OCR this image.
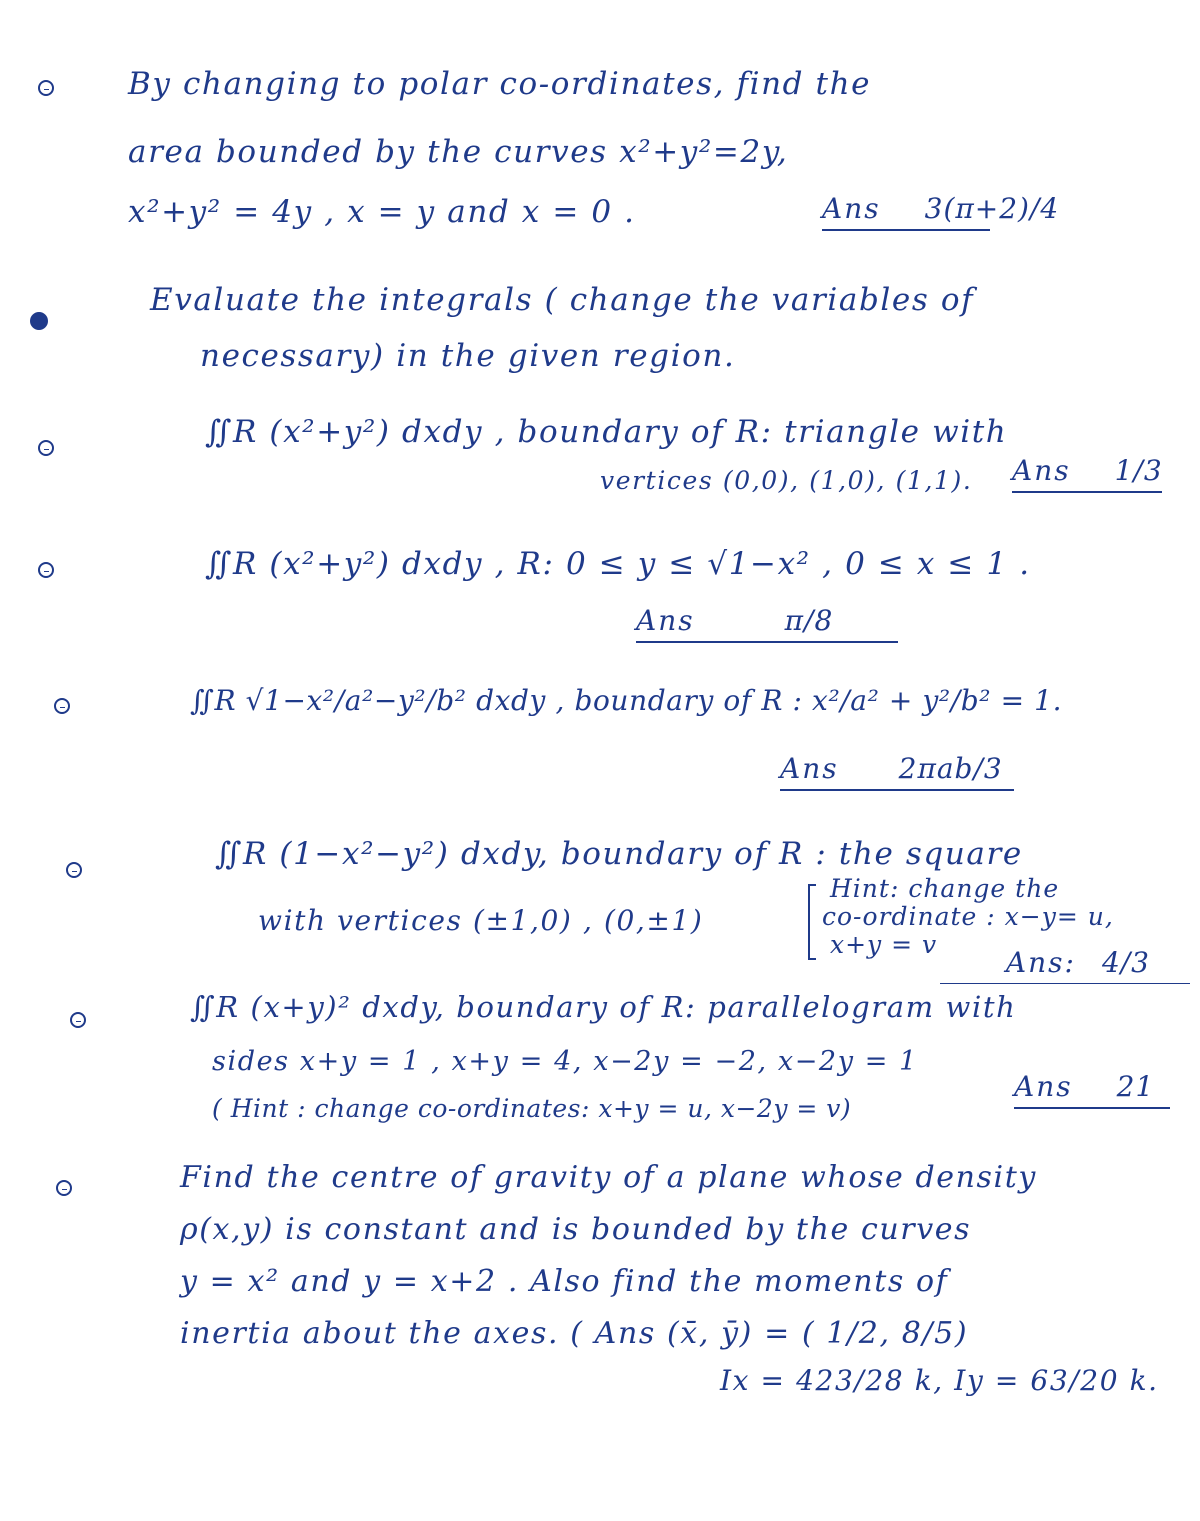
By changing to polar co-ordinates, find the
area bounded by the curves x²+y²=2y,
x²+y² = 4y , x = y and x = 0 .	Ans 3(π+2)/4
Evaluate the integrals ( change the variables of
necessary) in the given region.
∬R (x²+y²) dxdy , boundary of R: triangle with
vertices (0,0), (1,0), (1,1). Ans 1/3
∬R (x²+y²) dxdy , R: 0 ≤ y ≤ √1−x² , 0 ≤ x ≤ 1 .
Ans	π/8
∬R √1−x²/a²−y²/b² dxdy , boundary of R : x²/a² + y²/b² = 1.
Ans 2πab/3
∬R (1−x²−y²) dxdy, boundary of R : the square
with vertices (±1,0) , (0,±1)
Hint: change the
co-ordinate : x−y= u,
x+y = v
Ans: 4/3
∬R (x+y)² dxdy, boundary of R: parallelogram with
sides x+y = 1 , x+y = 4, x−2y = −2, x−2y = 1
( Hint : change co-ordinates: x+y = u, x−2y = v)
Ans 21
Find the centre of gravity of a plane whose density
ρ(x,y) is constant and is bounded by the curves
y = x² and y = x+2 . Also find the moments of
inertia about the axes. ( Ans (x̄, ȳ) = ( 1/2, 8/5)
Ix = 423/28 k, Iy = 63/20 k.
